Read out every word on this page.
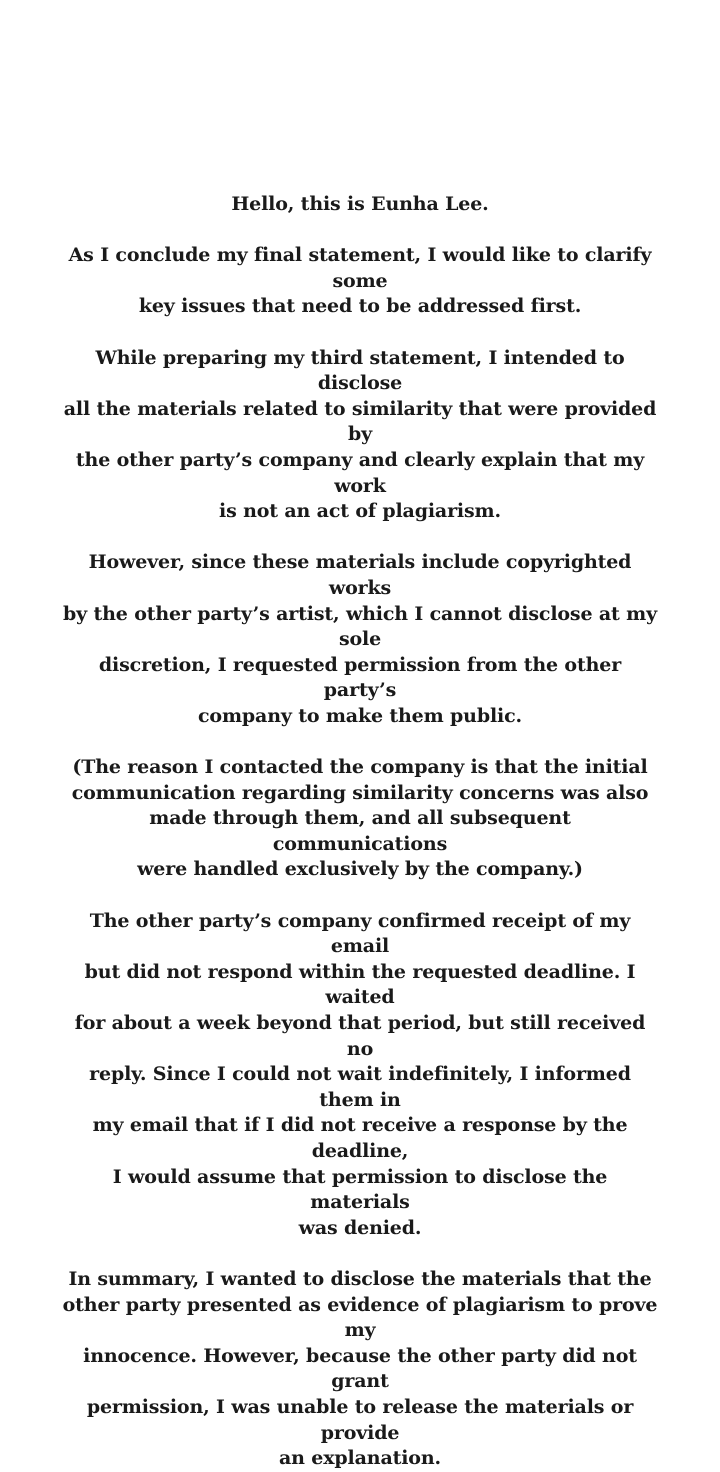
Hello, this is Eunha Lee.

As I conclude my final statement, I would like to clarify some
key issues that need to be addressed first.

While preparing my third statement, I intended to disclose
all the materials related to similarity that were provided by
the other party’s company and clearly explain that my work
is not an act of plagiarism.

However, since these materials include copyrighted works
by the other party’s artist, which I cannot disclose at my sole
discretion, I requested permission from the other party’s
company to make them public.

(The reason I contacted the company is that the initial
communication regarding similarity concerns was also
made through them, and all subsequent communications
were handled exclusively by the company.)

The other party’s company confirmed receipt of my email
but did not respond within the requested deadline. I waited
for about a week beyond that period, but still received no
reply. Since I could not wait indefinitely, I informed them in
my email that if I did not receive a response by the deadline,
I would assume that permission to disclose the materials
was denied.

In summary, I wanted to disclose the materials that the
other party presented as evidence of plagiarism to prove my
innocence. However, because the other party did not grant
permission, I was unable to release the materials or provide
an explanation.
